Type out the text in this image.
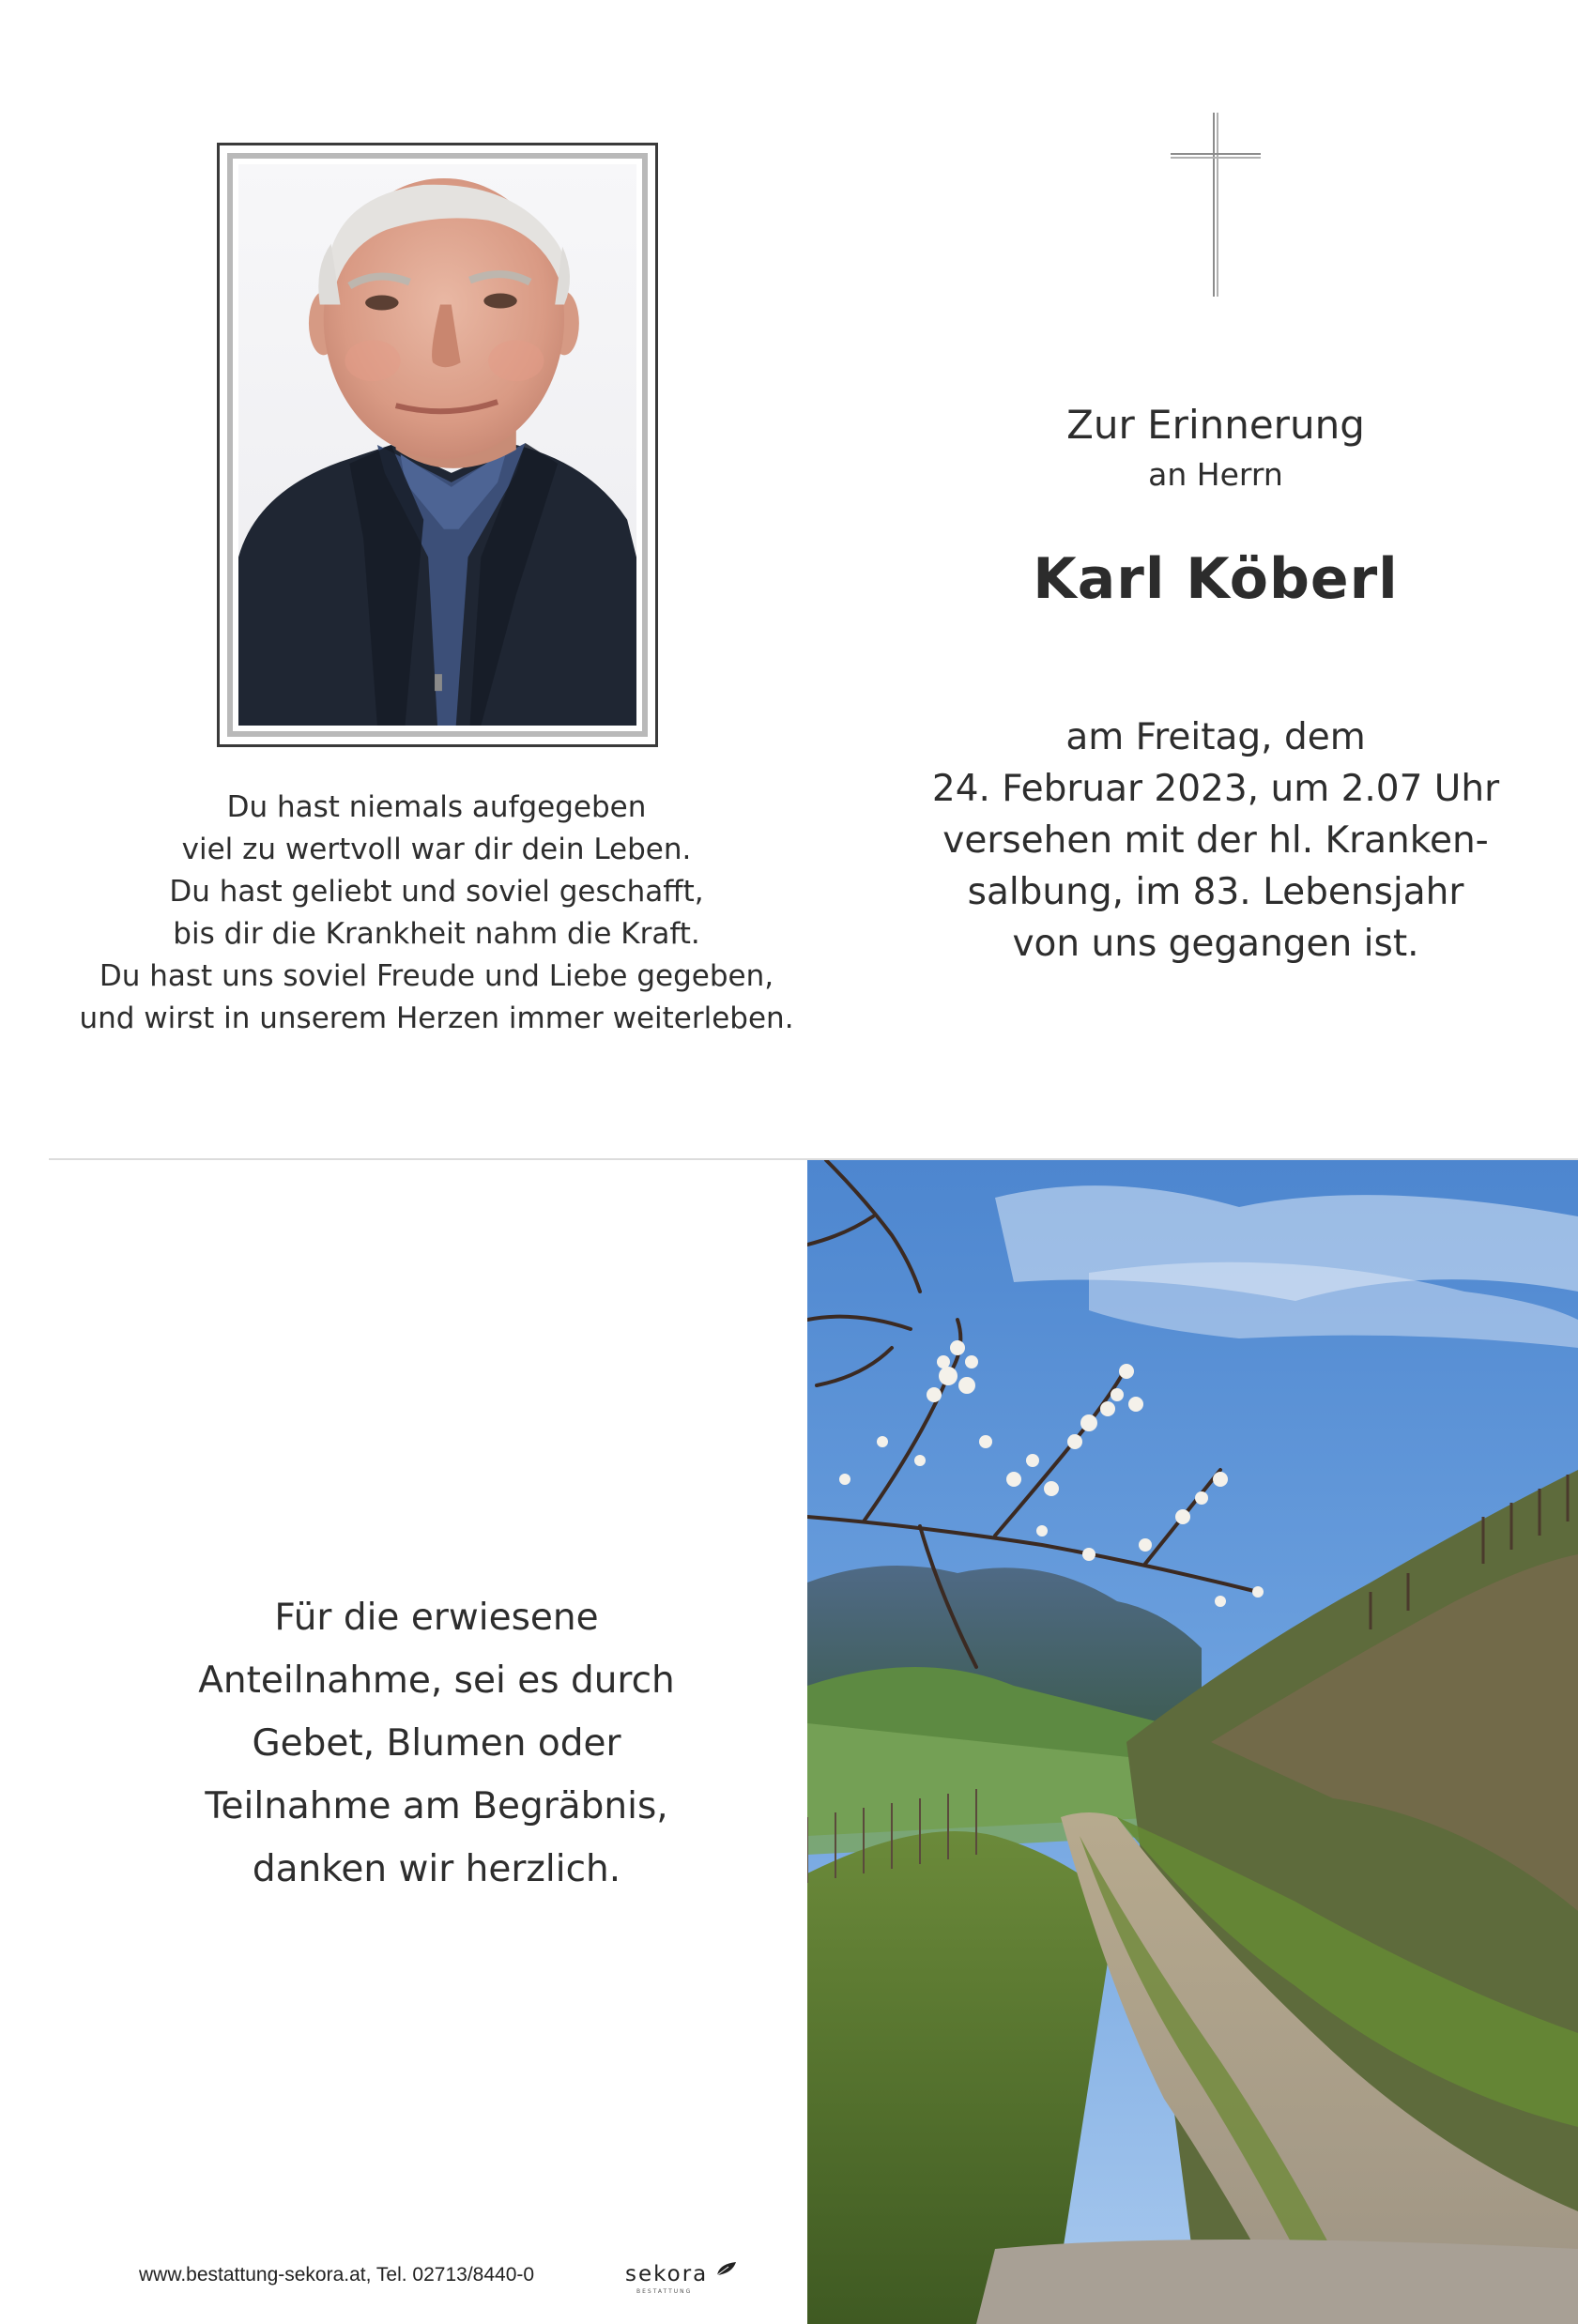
Du hast niemals aufgegeben
viel zu wertvoll war dir dein Leben.
Du hast geliebt und soviel geschafft,
bis dir die Krankheit nahm die Kraft.
Du hast uns soviel Freude und Liebe gegeben,
und wirst in unserem Herzen immer weiterleben.
Zur Erinnerung
an Herrn
Karl Köberl
am Freitag, dem
24. Februar 2023, um 2.07 Uhr
versehen mit der hl. Kranken-
salbung, im 83. Lebensjahr
von uns gegangen ist.
Für die erwiesene
Anteilnahme, sei es durch
Gebet, Blumen oder
Teilnahme am Begräbnis,
danken wir herzlich.
www.bestattung-sekora.at, Tel. 02713/8440-0	sekora
BESTATTUNG
